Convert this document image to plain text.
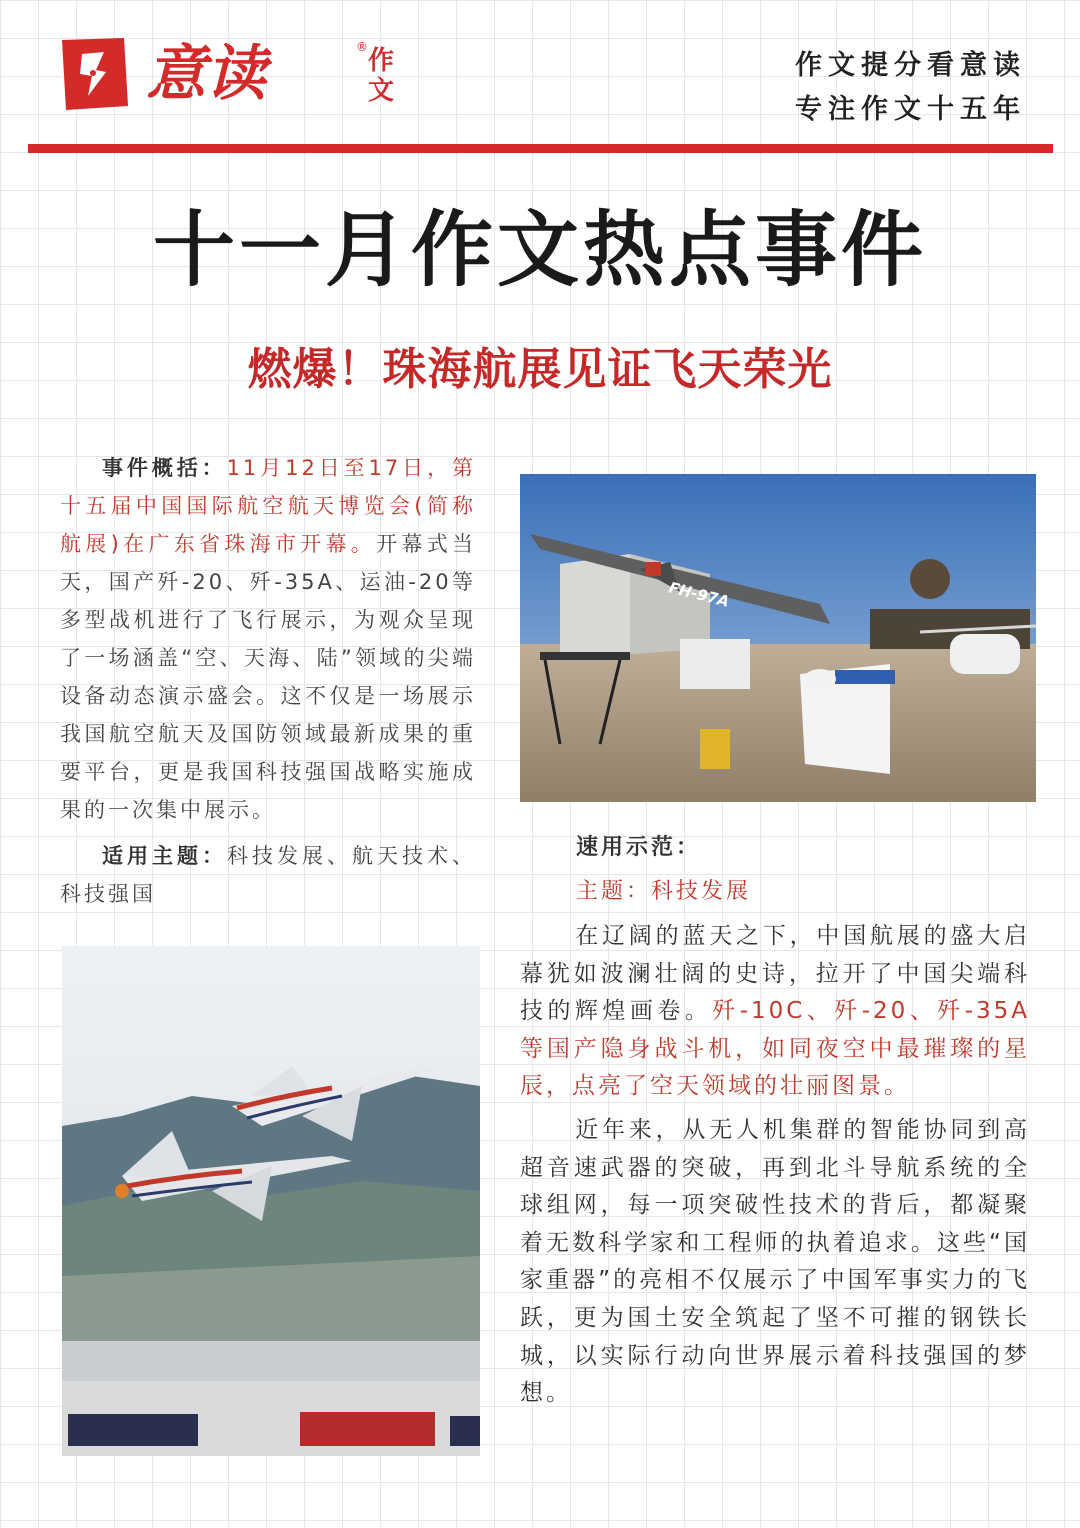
意读	® 作文
作文提分看意读
专注作文十五年
十一月作文热点事件
燃爆！珠海航展见证飞天荣光

事件概括：11月12日至17日，第十五届中国国际航空航天博览会(简称航展)在广东省珠海市开幕。开幕式当天，国产歼-20、歼-35A、运油-20等多型战机进行了飞行展示，为观众呈现了一场涵盖“空、天海、陆”领域的尖端设备动态演示盛会。这不仅是一场展示我国航空航天及国防领域最新成果的重要平台，更是我国科技强国战略实施成果的一次集中展示。

适用主题：科技发展、航天技术、科技强国

FH-97A
速用示范：
主题：科技发展

在辽阔的蓝天之下，中国航展的盛大启幕犹如波澜壮阔的史诗，拉开了中国尖端科技的辉煌画卷。歼-10C、歼-20、歼-35A等国产隐身战斗机，如同夜空中最璀璨的星辰，点亮了空天领域的壮丽图景。

近年来，从无人机集群的智能协同到高超音速武器的突破，再到北斗导航系统的全球组网，每一项突破性技术的背后，都凝聚着无数科学家和工程师的执着追求。这些“国家重器”的亮相不仅展示了中国军事实力的飞跃，更为国土安全筑起了坚不可摧的钢铁长城，以实际行动向世界展示着科技强国的梦想。
